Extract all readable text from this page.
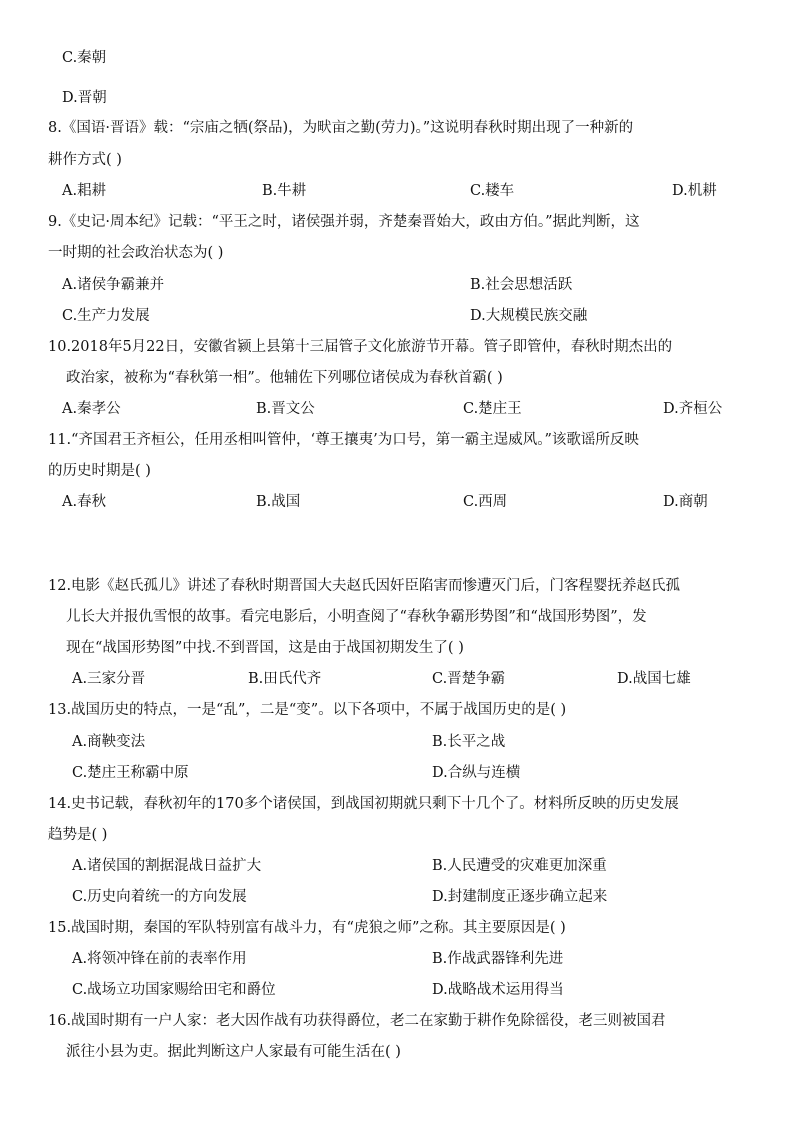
C.秦朝
D.晋朝
8.《国语·晋语》载：“宗庙之牺(祭品)，为畎亩之勤(劳力)。”这说明春秋时期出现了一种新的
耕作方式( )
A.耜耕	B.牛耕	C.耧车	D.机耕
9.《史记·周本纪》记载：“平王之时，诸侯强并弱，齐楚秦晋始大，政由方伯。”据此判断，这
一时期的社会政治状态为( )
A.诸侯争霸兼并	B.社会思想活跃
C.生产力发展	D.大规模民族交融
10.2018年5月22日，安徽省颍上县第十三届管子文化旅游节开幕。管子即管仲，春秋时期杰出的
政治家，被称为“春秋第一相”。他辅佐下列哪位诸侯成为春秋首霸( )
A.秦孝公	B.晋文公	C.楚庄王	D.齐桓公
11.“齐国君王齐桓公，任用丞相叫管仲，‘尊王攘夷’为口号，第一霸主逞威风。”该歌谣所反映
的历史时期是( )
A.春秋	B.战国	C.西周	D.商朝
12.电影《赵氏孤儿》讲述了春秋时期晋国大夫赵氏因奸臣陷害而惨遭灭门后，门客程婴抚养赵氏孤
儿长大并报仇雪恨的故事。看完电影后，小明查阅了“春秋争霸形势图”和“战国形势图”，发
现在“战国形势图”中找.不到晋国，这是由于战国初期发生了( )
A.三家分晋	B.田氏代齐	C.晋楚争霸	D.战国七雄
13.战国历史的特点，一是“乱”，二是“变”。以下各项中，不属于战国历史的是( )
A.商鞅变法	B.长平之战
C.楚庄王称霸中原	D.合纵与连横
14.史书记载，春秋初年的170多个诸侯国，到战国初期就只剩下十几个了。材料所反映的历史发展
趋势是( )
A.诸侯国的割据混战日益扩大	B.人民遭受的灾难更加深重
C.历史向着统一的方向发展	D.封建制度正逐步确立起来
15.战国时期，秦国的军队特别富有战斗力，有“虎狼之师”之称。其主要原因是( )
A.将领冲锋在前的表率作用	B.作战武器锋利先进
C.战场立功国家赐给田宅和爵位	D.战略战术运用得当
16.战国时期有一户人家：老大因作战有功获得爵位，老二在家勤于耕作免除徭役，老三则被国君
派往小县为吏。据此判断这户人家最有可能生活在( )
